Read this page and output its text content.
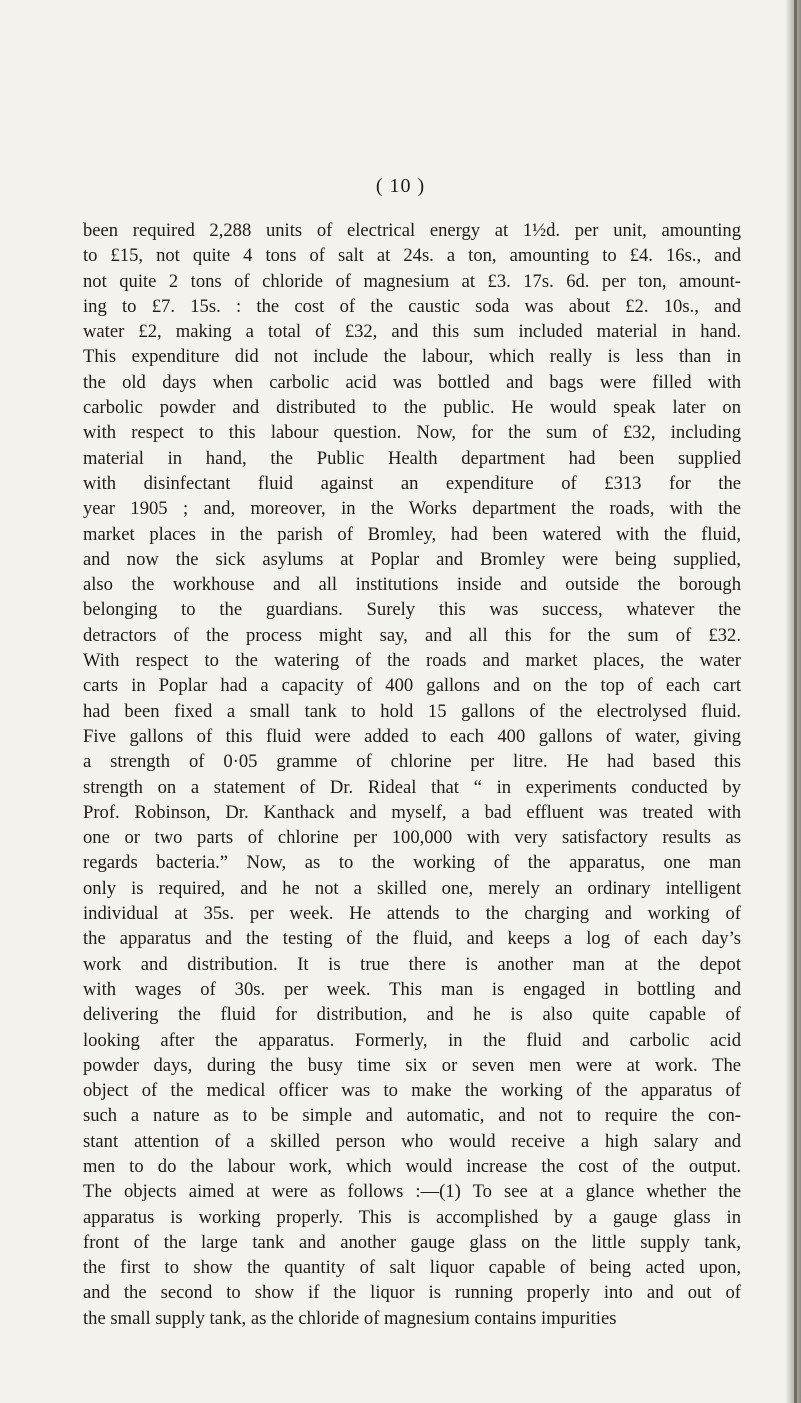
( 10 )
been required 2,288 units of electrical energy at 1½d. per unit, amounting
to £15, not quite 4 tons of salt at 24s. a ton, amounting to £4. 16s., and
not quite 2 tons of chloride of magnesium at £3. 17s. 6d. per ton, amount-
ing to £7. 15s. : the cost of the caustic soda was about £2. 10s., and
water £2, making a total of £32, and this sum included material in hand.
This expenditure did not include the labour, which really is less than in
the old days when carbolic acid was bottled and bags were filled with
carbolic powder and distributed to the public. He would speak later on
with respect to this labour question. Now, for the sum of £32, including
material in hand, the Public Health department had been supplied
with disinfectant fluid against an expenditure of £313 for the
year 1905 ; and, moreover, in the Works department the roads, with the
market places in the parish of Bromley, had been watered with the fluid,
and now the sick asylums at Poplar and Bromley were being supplied,
also the workhouse and all institutions inside and outside the borough
belonging to the guardians. Surely this was success, whatever the
detractors of the process might say, and all this for the sum of £32.
With respect to the watering of the roads and market places, the water
carts in Poplar had a capacity of 400 gallons and on the top of each cart
had been fixed a small tank to hold 15 gallons of the electrolysed fluid.
Five gallons of this fluid were added to each 400 gallons of water, giving
a strength of 0·05 gramme of chlorine per litre. He had based this
strength on a statement of Dr. Rideal that “ in experiments conducted by
Prof. Robinson, Dr. Kanthack and myself, a bad effluent was treated with
one or two parts of chlorine per 100,000 with very satisfactory results as
regards bacteria.” Now, as to the working of the apparatus, one man
only is required, and he not a skilled one, merely an ordinary intelligent
individual at 35s. per week. He attends to the charging and working of
the apparatus and the testing of the fluid, and keeps a log of each day’s
work and distribution. It is true there is another man at the depot
with wages of 30s. per week. This man is engaged in bottling and
delivering the fluid for distribution, and he is also quite capable of
looking after the apparatus. Formerly, in the fluid and carbolic acid
powder days, during the busy time six or seven men were at work. The
object of the medical officer was to make the working of the apparatus of
such a nature as to be simple and automatic, and not to require the con-
stant attention of a skilled person who would receive a high salary and
men to do the labour work, which would increase the cost of the output.
The objects aimed at were as follows :—(1) To see at a glance whether the
apparatus is working properly. This is accomplished by a gauge glass in
front of the large tank and another gauge glass on the little supply tank,
the first to show the quantity of salt liquor capable of being acted upon,
and the second to show if the liquor is running properly into and out of
the small supply tank, as the chloride of magnesium contains impurities
